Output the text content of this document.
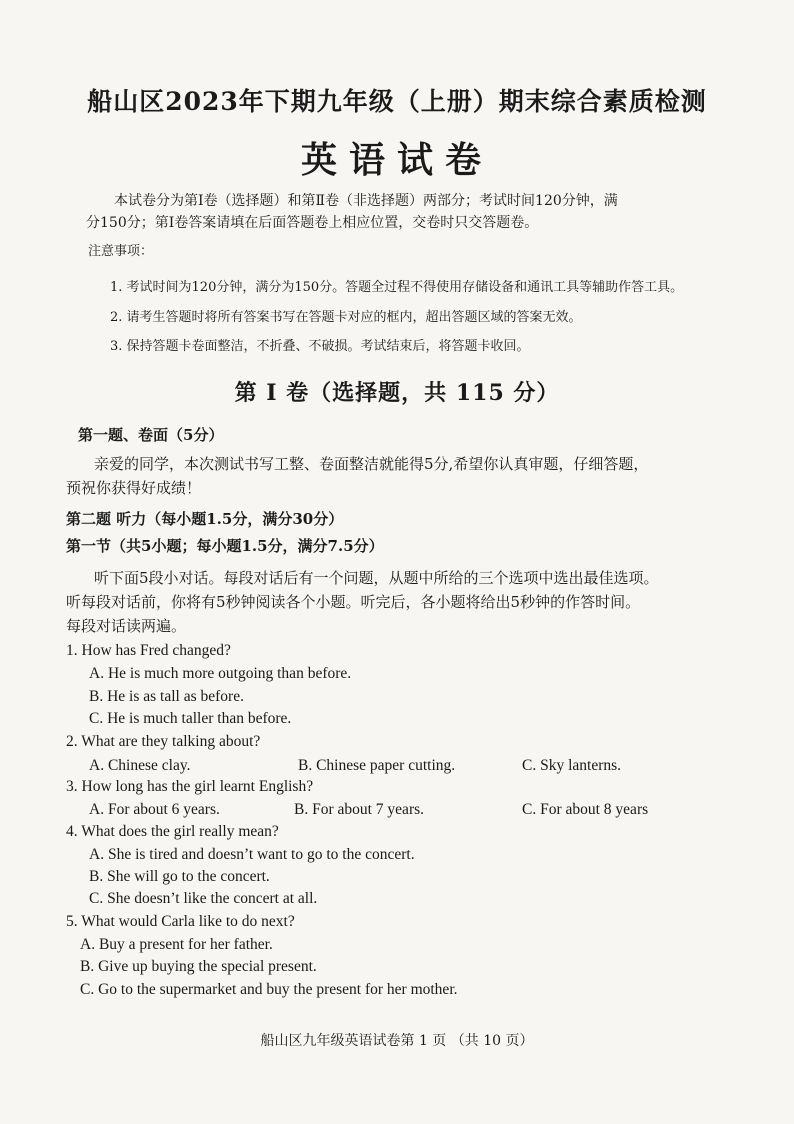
船山区2023年下期九年级（上册）期末综合素质检测
英语试卷

本试卷分为第Ⅰ卷（选择题）和第Ⅱ卷（非选择题）两部分；考试时间120分钟，满

分150分；第Ⅰ卷答案请填在后面答题卷上相应位置，交卷时只交答题卷。

注意事项：
1. 考试时间为120分钟，满分为150分。答题全过程不得使用存储设备和通讯工具等辅助作答工具。
2. 请考生答题时将所有答案书写在答题卡对应的框内，超出答题区域的答案无效。
3. 保持答题卡卷面整洁，不折叠、不破损。考试结束后，将答题卡收回。
第 Ⅰ 卷（选择题，共 115 分）
第一题、卷面（5分）

亲爱的同学，本次测试书写工整、卷面整洁就能得5分,希望你认真审题，仔细答题，

预祝你获得好成绩！

第二题 听力（每小题1.5分，满分30分）
第一节（共5小题；每小题1.5分，满分7.5分）

听下面5段小对话。每段对话后有一个问题，从题中所给的三个选项中选出最佳选项。

听每段对话前，你将有5秒钟阅读各个小题。听完后，各小题将给出5秒钟的作答时间。

每段对话读两遍。

1. How has Fred changed?
A. He is much more outgoing than before.
B. He is as tall as before.
C. He is much taller than before.
2. What are they talking about?
A. Chinese clay.	B. Chinese paper cutting.	C. Sky lanterns.
3. How long has the girl learnt English?
A. For about 6 years.	B. For about 7 years.	C. For about 8 years
4. What does the girl really mean?
A. She is tired and doesn’t want to go to the concert.
B. She will go to the concert.
C. She doesn’t like the concert at all.
5. What would Carla like to do next?
A. Buy a present for her father.
B. Give up buying the special present.
C. Go to the supermarket and buy the present for her mother.
船山区九年级英语试卷第 1 页 （共 10 页）
